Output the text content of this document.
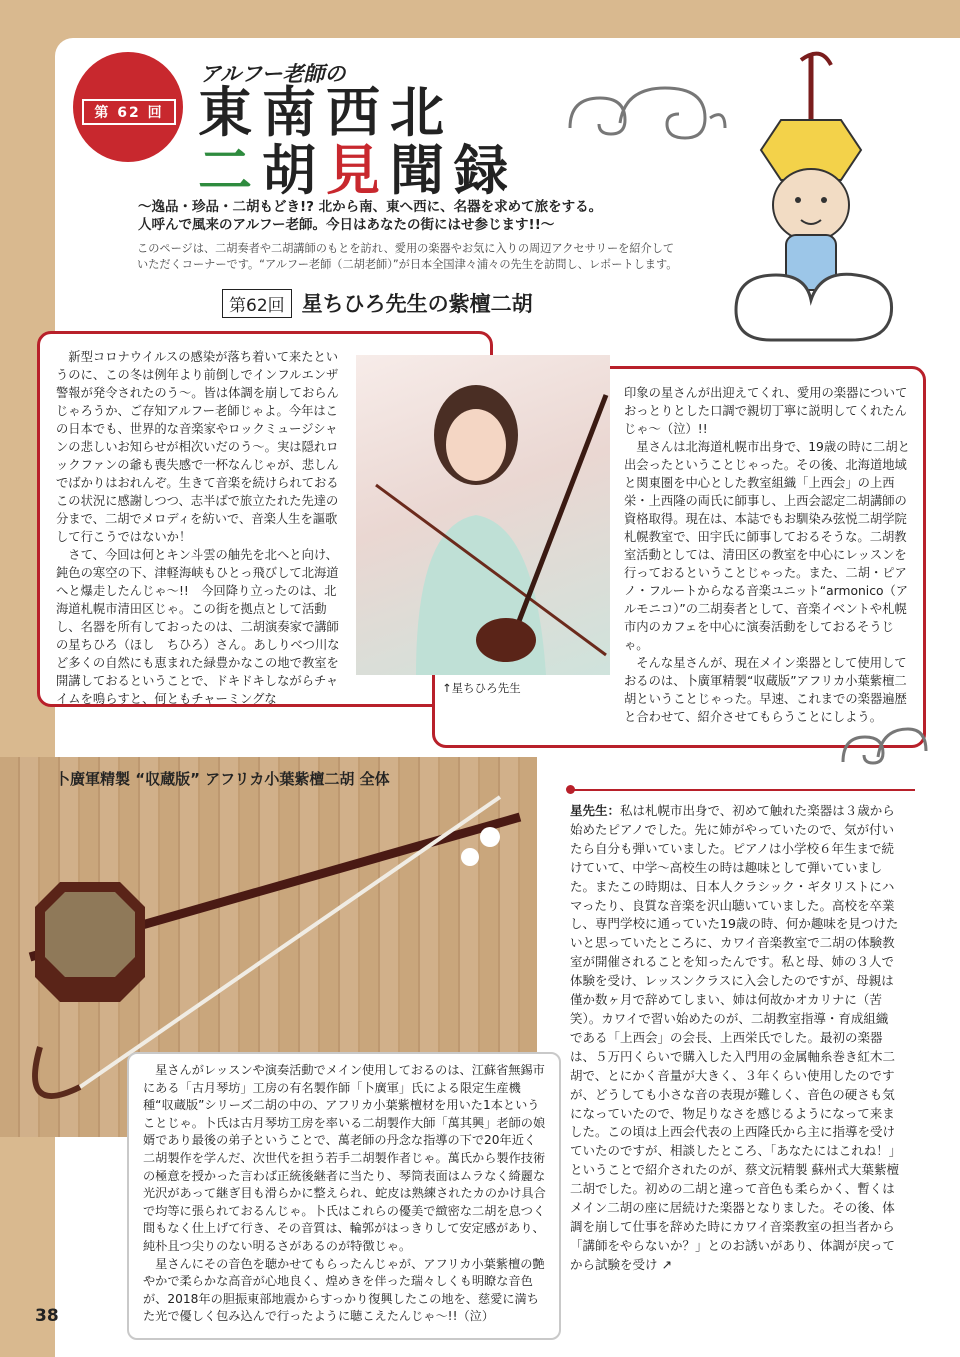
第 62 回
アルフー老師の
東南西北
二胡見聞録
～逸品・珍品・二胡もどき!? 北から南、東へ西に、名器を求めて旅をする。
人呼んで風来のアルフー老師。今日はあなたの街にはせ参じます!!～
このページは、二胡奏者や二胡講師のもとを訪れ、愛用の楽器やお気に入りの周辺アクセサリーを紹介して
いただくコーナーです。“アルフー老師（二胡老師）”が日本全国津々浦々の先生を訪問し、レポートします。
第62回 星ちひろ先生の紫檀二胡

　新型コロナウイルスの感染が落ち着いて来たというのに、この冬は例年より前倒しでインフルエンザ警報が発令されたのう～。皆は体調を崩しておらんじゃろうか、ご存知アルフー老師じゃよ。今年はこの日本でも、世界的な音楽家やロックミュージシャンの悲しいお知らせが相次いだのう～。実は隠れロックファンの爺も喪失感で一杯なんじゃが、悲しんでばかりはおれんぞ。生きて音楽を続けられておるこの状況に感謝しつつ、志半ばで旅立たれた先達の分まで、二胡でメロディを紡いで、音楽人生を謳歌して行こうではないか！

　さて、今回は何とキン斗雲の舳先を北へと向け、鈍色の寒空の下、津軽海峡もひとっ飛びして北海道へと爆走したんじゃ～!!　今回降り立ったのは、北海道札幌市清田区じゃ。この街を拠点として活動し、名器を所有しておったのは、二胡演奏家で講師の星ちひろ（ほし　ちひろ）さん。あしりべつ川など多くの自然にも恵まれた緑豊かなこの地で教室を開講しておるということで、ドキドキしながらチャイムを鳴らすと、何ともチャーミングな

↑星ちひろ先生

印象の星さんが出迎えてくれ、愛用の楽器についておっとりとした口調で親切丁寧に説明してくれたんじゃ～（泣）!!

　星さんは北海道札幌市出身で、19歳の時に二胡と出会ったということじゃった。その後、北海道地域と関東圏を中心とした教室組織「上西会」の上西栄・上西隆の両氏に師事し、上西会認定二胡講師の資格取得。現在は、本誌でもお馴染み弦悦二胡学院札幌教室で、田宇氏に師事しておるそうな。二胡教室活動としては、清田区の教室を中心にレッスンを行っておるということじゃった。また、二胡・ピアノ・フルートからなる音楽ユニット“armonico（アルモニコ）”の二胡奏者として、音楽イベントや札幌市内のカフェを中心に演奏活動をしておるそうじゃ。

　そんな星さんが、現在メイン楽器として使用しておるのは、卜廣軍精製“収蔵版”アフリカ小葉紫檀二胡ということじゃった。早速、これまでの楽器遍歴と合わせて、紹介させてもらうことにしよう。

卜廣軍精製 “収蔵版” アフリカ小葉紫檀二胡 全体

　星さんがレッスンや演奏活動でメイン使用しておるのは、江蘇省無錫市にある「古月琴坊」工房の有名製作師「卜廣軍」氏による限定生産機種“収蔵版”シリーズ二胡の中の、アフリカ小葉紫檀材を用いた1本ということじゃ。卜氏は古月琴坊工房を率いる二胡製作大師「萬其興」老師の娘婿であり最後の弟子ということで、萬老師の丹念な指導の下で20年近く二胡製作を学んだ、次世代を担う若手二胡製作者じゃ。萬氏から製作技術の極意を授かった言わば正統後継者に当たり、琴筒表面はムラなく綺麗な光沢があって継ぎ目も滑らかに整えられ、蛇皮は熟練されたカのかけ具合で均等に張られておるんじゃ。卜氏はこれらの優美で緻密な二胡を息つく間もなく仕上げて行き、その音質は、輪郭がはっきりして安定感があり、純朴且つ尖りのない明るさがあるのが特徴じゃ。

　星さんにその音色を聴かせてもらったんじゃが、アフリカ小葉紫檀の艶やかで柔らかな高音が心地良く、煌めきを伴った瑞々しくも明瞭な音色が、2018年の胆振東部地震からすっかり復興したこの地を、慈愛に満ちた光で優しく包み込んで行ったように聴こえたんじゃ～!!（泣）

星先生：私は札幌市出身で、初めて触れた楽器は３歳から始めたピアノでした。先に姉がやっていたので、気が付いたら自分も弾いていました。ピアノは小学校６年生まで続けていて、中学～高校生の時は趣味として弾いていました。またこの時期は、日本人クラシック・ギタリストにハマったり、良質な音楽を沢山聴いていました。高校を卒業し、専門学校に通っていた19歳の時、何か趣味を見つけたいと思っていたところに、カワイ音楽教室で二胡の体験教室が開催されることを知ったんです。私と母、姉の３人で体験を受け、レッスンクラスに入会したのですが、母親は僅か数ヶ月で辞めてしまい、姉は何故かオカリナに（苦笑）。カワイで習い始めたのが、二胡教室指導・育成組織である「上西会」の会長、上西栄氏でした。最初の楽器は、５万円くらいで購入した入門用の金属軸糸巻き紅木二胡で、とにかく音量が大きく、３年くらい使用したのですが、どうしても小さな音の表現が難しく、音色の硬さも気になっていたので、物足りなさを感じるようになって来ました。この頃は上西会代表の上西隆氏から主に指導を受けていたのですが、相談したところ、「あなたにはこれね！」ということで紹介されたのが、蔡文沅精製 蘇州式大葉紫檀二胡でした。初めの二胡と違って音色も柔らかく、暫くはメイン二胡の座に居続けた楽器となりました。その後、体調を崩して仕事を辞めた時にカワイ音楽教室の担当者から「講師をやらないか？」とのお誘いがあり、体調が戻ってから試験を受け ↗
38
